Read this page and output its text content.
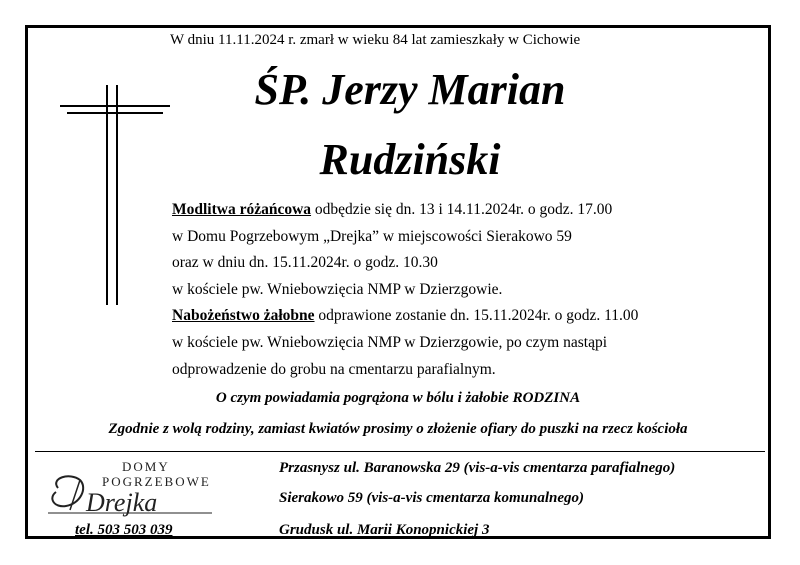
W dniu 11.11.2024 r. zmarł w wieku 84 lat zamieszkały w Cichowie
ŚP. Jerzy Marian
Rudziński
Modlitwa różańcowa odbędzie się dn. 13 i 14.11.2024r. o godz. 17.00
w Domu Pogrzebowym „Drejka” w miejscowości Sierakowo 59
oraz w dniu dn. 15.11.2024r. o godz. 10.30
w kościele pw. Wniebowzięcia NMP w Dzierzgowie.
Nabożeństwo żałobne odprawione zostanie dn. 15.11.2024r. o godz. 11.00
w kościele pw. Wniebowzięcia NMP w Dzierzgowie, po czym nastąpi
odprowadzenie do grobu na cmentarzu parafialnym.
O czym powiadamia pogrążona w bólu i żałobie RODZINA
Zgodnie z wolą rodziny, zamiast kwiatów prosimy o złożenie ofiary do puszki na rzecz kościoła
DOMY
POGRZEBOWE
Drejka
tel. 503 503 039
Przasnysz ul. Baranowska 29 (vis-a-vis cmentarza parafialnego)
Sierakowo 59 (vis-a-vis cmentarza komunalnego)
Grudusk ul. Marii Konopnickiej 3
